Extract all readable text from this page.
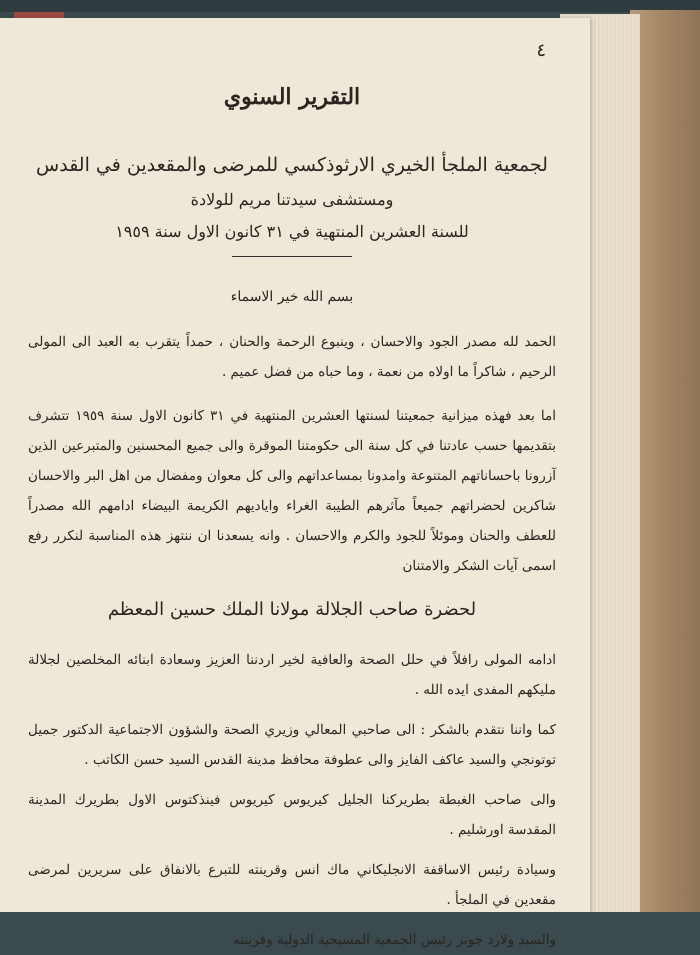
٤
التقرير السنوي
لجمعية الملجأ الخيري الارثوذكسي للمرضى والمقعدين في القدس
ومستشفى سيدتنا مريم للولادة
للسنة العشرين المنتهية في ٣١ كانون الاول سنة ١٩٥٩
بسم الله خير الاسماء
الحمد لله مصدر الجود والاحسان ، وينبوع الرحمة والحنان ، حمداً يتقرب به العبد الى المولى الرحيم ، شاكراً ما اولاه من نعمة ، وما حباه من فضل عميم .
اما بعد فهذه ميزانية جمعيتنا لسنتها العشرين المنتهية في ٣١ كانون الاول سنة ١٩٥٩ تتشرف بتقديمها حسب عادتنا في كل سنة الى حكومتنا الموقرة والى جميع المحسنين والمتبرعين الذين آزرونا باحساناتهم المتنوعة وامدونا بمساعداتهم والى كل معوان ومفضال من اهل البر والاحسان شاكرين لحضراتهم جميعاً مآثرهم الطيبة الغراء واياديهم الكريمة البيضاء ادامهم الله مصدراً للعطف والحنان وموئلاً للجود والكرم والاحسان . وانه يسعدنا ان ننتهز هذه المناسبة لنكرر رفع اسمى آيات الشكر والامتنان
لحضرة صاحب الجلالة مولانا الملك حسين المعظم
ادامه المولى رافلاً في حلل الصحة والعافية لخير اردننا العزيز وسعادة ابنائه المخلصين لجلالة مليكهم المفدى ايده الله .
كما واننا نتقدم بالشكر : الى صاحبي المعالي وزيري الصحة والشؤون الاجتماعية الدكتور جميل توتونجي والسيد عاكف الفايز والى عطوفة محافظ مدينة القدس السيد حسن الكاتب .
والى صاحب الغبطة بطريركنا الجليل كيريوس كيريوس فينذكتوس الاول بطريرك المدينة المقدسة اورشليم .
وسيادة رئيس الاساقفة الانجليكاني ماك انس وقرينته للتبرع بالانفاق على سريرين لمرضى مقعدين في الملجأ .
والسيد ولارد جونز رئيس الجمعية المسيحية الدولية وقرينته
